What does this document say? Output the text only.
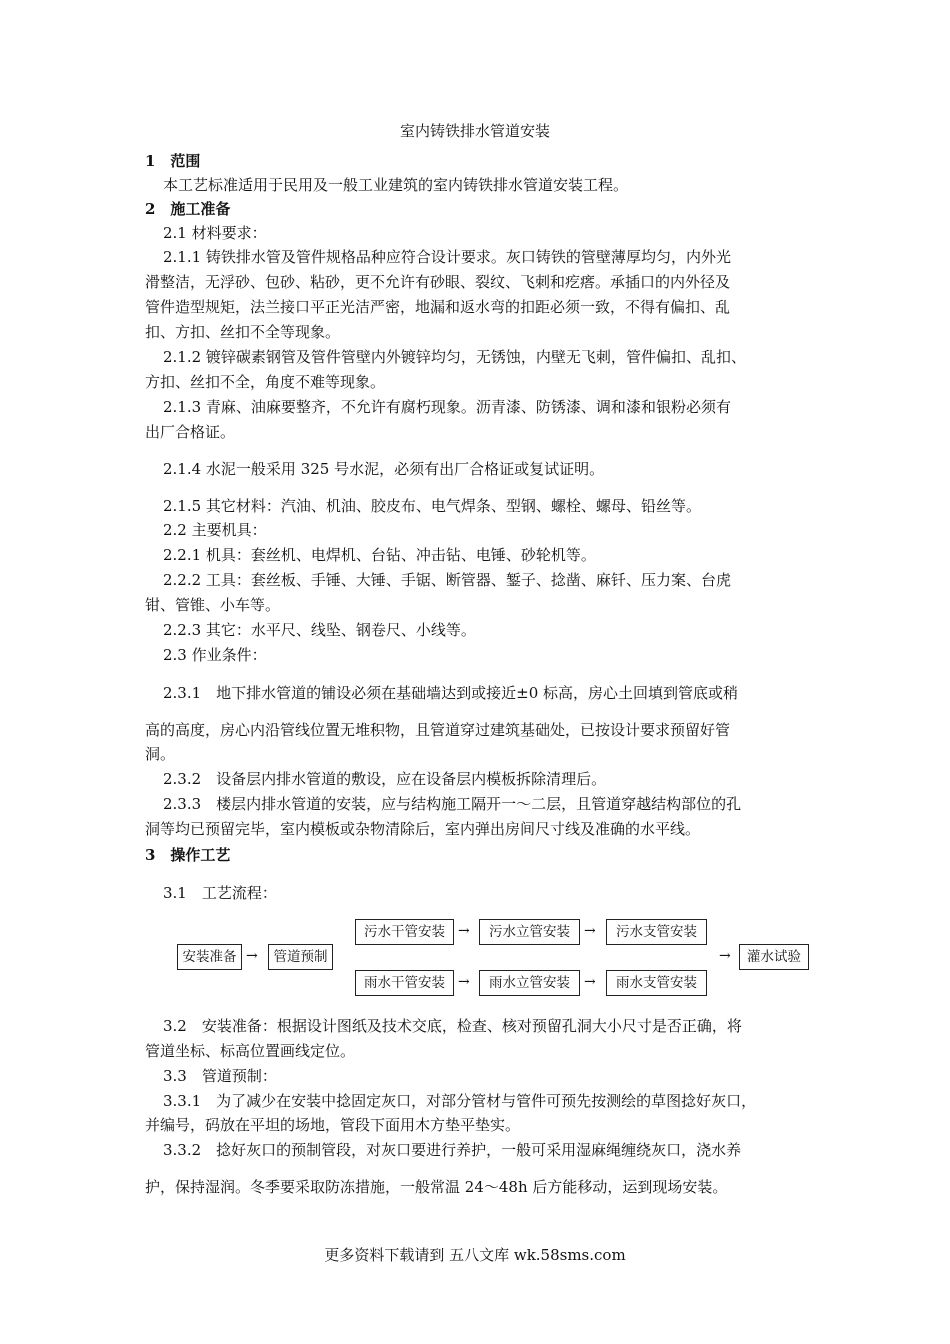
室内铸铁排水管道安装
1　范围
本工艺标准适用于民用及一般工业建筑的室内铸铁排水管道安装工程。
2　施工准备
2.1 材料要求：
2.1.1 铸铁排水管及管件规格品种应符合设计要求。灰口铸铁的管壁薄厚均匀，内外光
滑整洁，无浮砂、包砂、粘砂，更不允许有砂眼、裂纹、飞刺和疙瘩。承插口的内外径及
管件造型规矩，法兰接口平正光洁严密，地漏和返水弯的扣距必须一致，不得有偏扣、乱
扣、方扣、丝扣不全等现象。
2.1.2 镀锌碳素钢管及管件管壁内外镀锌均匀，无锈蚀，内壁无飞刺，管件偏扣、乱扣、
方扣、丝扣不全，角度不难等现象。
2.1.3 青麻、油麻要整齐，不允许有腐朽现象。沥青漆、防锈漆、调和漆和银粉必须有
出厂合格证。
2.1.4 水泥一般采用 325 号水泥，必须有出厂合格证或复试证明。
2.1.5 其它材料：汽油、机油、胶皮布、电气焊条、型钢、螺栓、螺母、铅丝等。
2.2 主要机具：
2.2.1 机具：套丝机、电焊机、台钻、冲击钻、电锤、砂轮机等。
2.2.2 工具：套丝板、手锤、大锤、手锯、断管器、錾子、捻凿、麻钎、压力案、台虎
钳、管锥、小车等。
2.2.3 其它：水平尺、线坠、钢卷尺、小线等。
2.3 作业条件：
2.3.1　地下排水管道的铺设必须在基础墙达到或接近±0 标高，房心土回填到管底或稍
高的高度，房心内沿管线位置无堆积物，且管道穿过建筑基础处，已按设计要求预留好管
洞。
2.3.2　设备层内排水管道的敷设，应在设备层内模板拆除清理后。
2.3.3　楼层内排水管道的安装，应与结构施工隔开一～二层，且管道穿越结构部位的孔
洞等均已预留完毕，室内模板或杂物清除后，室内弹出房间尺寸线及准确的水平线。
3　操作工艺
3.1　工艺流程：
安装准备 →	管道预制
污水干管安装 →	污水立管安装	→	污水支管安装
雨水干管安装 →	雨水立管安装	→	雨水支管安装
→	灌水试验
3.2　安装准备：根据设计图纸及技术交底，检查、核对预留孔洞大小尺寸是否正确，将
管道坐标、标高位置画线定位。
3.3　管道预制：
3.3.1　为了减少在安装中捻固定灰口，对部分管材与管件可预先按测绘的草图捻好灰口，
并编号，码放在平坦的场地，管段下面用木方垫平垫实。
3.3.2　捻好灰口的预制管段，对灰口要进行养护，一般可采用湿麻绳缠绕灰口，浇水养
护，保持湿润。冬季要采取防冻措施，一般常温 24～48h 后方能移动，运到现场安装。
更多资料下载请到 五八文库 wk.58sms.com
